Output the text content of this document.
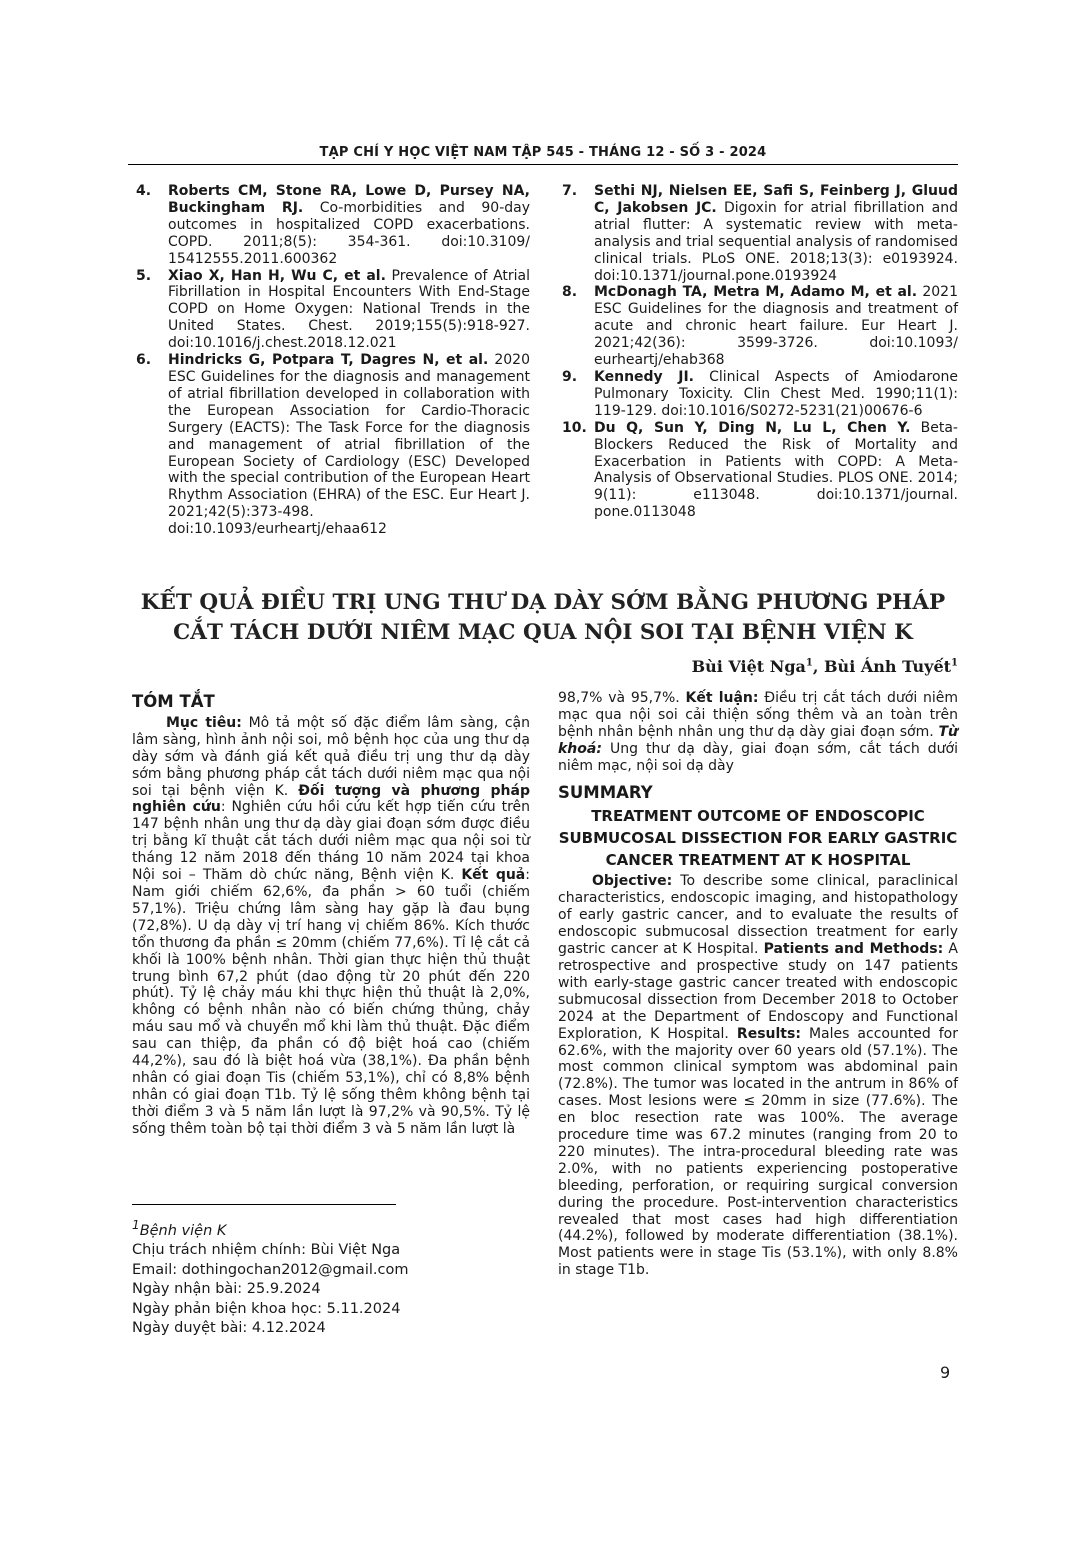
TẠP CHÍ Y HỌC VIỆT NAM TẬP 545 - THÁNG 12 - SỐ 3 - 2024
4. Roberts CM, Stone RA, Lowe D, Pursey NA, Buckingham RJ. Co-morbidities and 90-day outcomes in hospitalized COPD exacerbations. COPD. 2011;8(5): 354-361. doi:10.3109/ 15412555.2011.600362
5. Xiao X, Han H, Wu C, et al. Prevalence of Atrial Fibrillation in Hospital Encounters With End-Stage COPD on Home Oxygen: National Trends in the United States. Chest. 2019;155(5):918-927. doi:10.1016/j.chest.2018.12.021
6. Hindricks G, Potpara T, Dagres N, et al. 2020 ESC Guidelines for the diagnosis and management of atrial fibrillation developed in collaboration with the European Association for Cardio-Thoracic Surgery (EACTS): The Task Force for the diagnosis and management of atrial fibrillation of the European Society of Cardiology (ESC) Developed with the special contribution of the European Heart Rhythm Association (EHRA) of the ESC. Eur Heart J. 2021;42(5):373-498. doi:10.1093/eurheartj/ehaa612
7. Sethi NJ, Nielsen EE, Safi S, Feinberg J, Gluud C, Jakobsen JC. Digoxin for atrial fibrillation and atrial flutter: A systematic review with meta-analysis and trial sequential analysis of randomised clinical trials. PLoS ONE. 2018;13(3): e0193924. doi:10.1371/journal.pone.0193924
8. McDonagh TA, Metra M, Adamo M, et al. 2021 ESC Guidelines for the diagnosis and treatment of acute and chronic heart failure. Eur Heart J. 2021;42(36): 3599-3726. doi:10.1093/ eurheartj/ehab368
9. Kennedy JI. Clinical Aspects of Amiodarone Pulmonary Toxicity. Clin Chest Med. 1990;11(1): 119-129. doi:10.1016/S0272-5231(21)00676-6
10. Du Q, Sun Y, Ding N, Lu L, Chen Y. Beta-Blockers Reduced the Risk of Mortality and Exacerbation in Patients with COPD: A Meta-Analysis of Observational Studies. PLOS ONE. 2014; 9(11): e113048. doi:10.1371/journal. pone.0113048
KẾT QUẢ ĐIỀU TRỊ UNG THƯ DẠ DÀY SỚM BẰNG PHƯƠNG PHÁP
CẮT TÁCH DƯỚI NIÊM MẠC QUA NỘI SOI TẠI BỆNH VIỆN K
Bùi Việt Nga$^1$, Bùi Ánh Tuyết$^1$
TÓM TẮT

Mục tiêu: Mô tả một số đặc điểm lâm sàng, cận lâm sàng, hình ảnh nội soi, mô bệnh học của ung thư dạ dày sớm và đánh giá kết quả điều trị ung thư dạ dày sớm bằng phương pháp cắt tách dưới niêm mạc qua nội soi tại bệnh viện K. Đối tượng và phương pháp nghiên cứu: Nghiên cứu hồi cứu kết hợp tiến cứu trên 147 bệnh nhân ung thư dạ dày giai đoạn sớm được điều trị bằng kĩ thuật cắt tách dưới niêm mạc qua nội soi từ tháng 12 năm 2018 đến tháng 10 năm 2024 tại khoa Nội soi – Thăm dò chức năng, Bệnh viện K. Kết quả: Nam giới chiếm 62,6%, đa phần > 60 tuổi (chiếm 57,1%). Triệu chứng lâm sàng hay gặp là đau bụng (72,8%). U dạ dày vị trí hang vị chiếm 86%. Kích thước tổn thương đa phần ≤ 20mm (chiếm 77,6%). Tỉ lệ cắt cả khối là 100% bệnh nhân. Thời gian thực hiện thủ thuật trung bình 67,2 phút (dao động từ 20 phút đến 220 phút). Tỷ lệ chảy máu khi thực hiện thủ thuật là 2,0%, không có bệnh nhân nào có biến chứng thủng, chảy máu sau mổ và chuyển mổ khi làm thủ thuật. Đặc điểm sau can thiệp, đa phần có độ biệt hoá cao (chiếm 44,2%), sau đó là biệt hoá vừa (38,1%). Đa phần bệnh nhân có giai đoạn Tis (chiếm 53,1%), chỉ có 8,8% bệnh nhân có giai đoạn T1b. Tỷ lệ sống thêm không bệnh tại thời điểm 3 và 5 năm lần lượt là 97,2% và 90,5%. Tỷ lệ sống thêm toàn bộ tại thời điểm 3 và 5 năm lần lượt là

98,7% và 95,7%. Kết luận: Điều trị cắt tách dưới niêm mạc qua nội soi cải thiện sống thêm và an toàn trên bệnh nhân bệnh nhân ung thư dạ dày giai đoạn sớm. Từ khoá: Ung thư dạ dày, giai đoạn sớm, cắt tách dưới niêm mạc, nội soi dạ dày

SUMMARY
TREATMENT OUTCOME OF ENDOSCOPIC SUBMUCOSAL DISSECTION FOR EARLY GASTRIC CANCER TREATMENT AT K HOSPITAL

Objective: To describe some clinical, paraclinical characteristics, endoscopic imaging, and histopathology of early gastric cancer, and to evaluate the results of endoscopic submucosal dissection treatment for early gastric cancer at K Hospital. Patients and Methods: A retrospective and prospective study on 147 patients with early-stage gastric cancer treated with endoscopic submucosal dissection from December 2018 to October 2024 at the Department of Endoscopy and Functional Exploration, K Hospital. Results: Males accounted for 62.6%, with the majority over 60 years old (57.1%). The most common clinical symptom was abdominal pain (72.8%). The tumor was located in the antrum in 86% of cases. Most lesions were ≤ 20mm in size (77.6%). The en bloc resection rate was 100%. The average procedure time was 67.2 minutes (ranging from 20 to 220 minutes). The intra-procedural bleeding rate was 2.0%, with no patients experiencing postoperative bleeding, perforation, or requiring surgical conversion during the procedure. Post-intervention characteristics revealed that most cases had high differentiation (44.2%), followed by moderate differentiation (38.1%). Most patients were in stage Tis (53.1%), with only 8.8% in stage T1b.

$^1$Bệnh viện K
Chịu trách nhiệm chính: Bùi Việt Nga
Email: dothingochan2012@gmail.com
Ngày nhận bài: 25.9.2024
Ngày phản biện khoa học: 5.11.2024
Ngày duyệt bài: 4.12.2024
9
